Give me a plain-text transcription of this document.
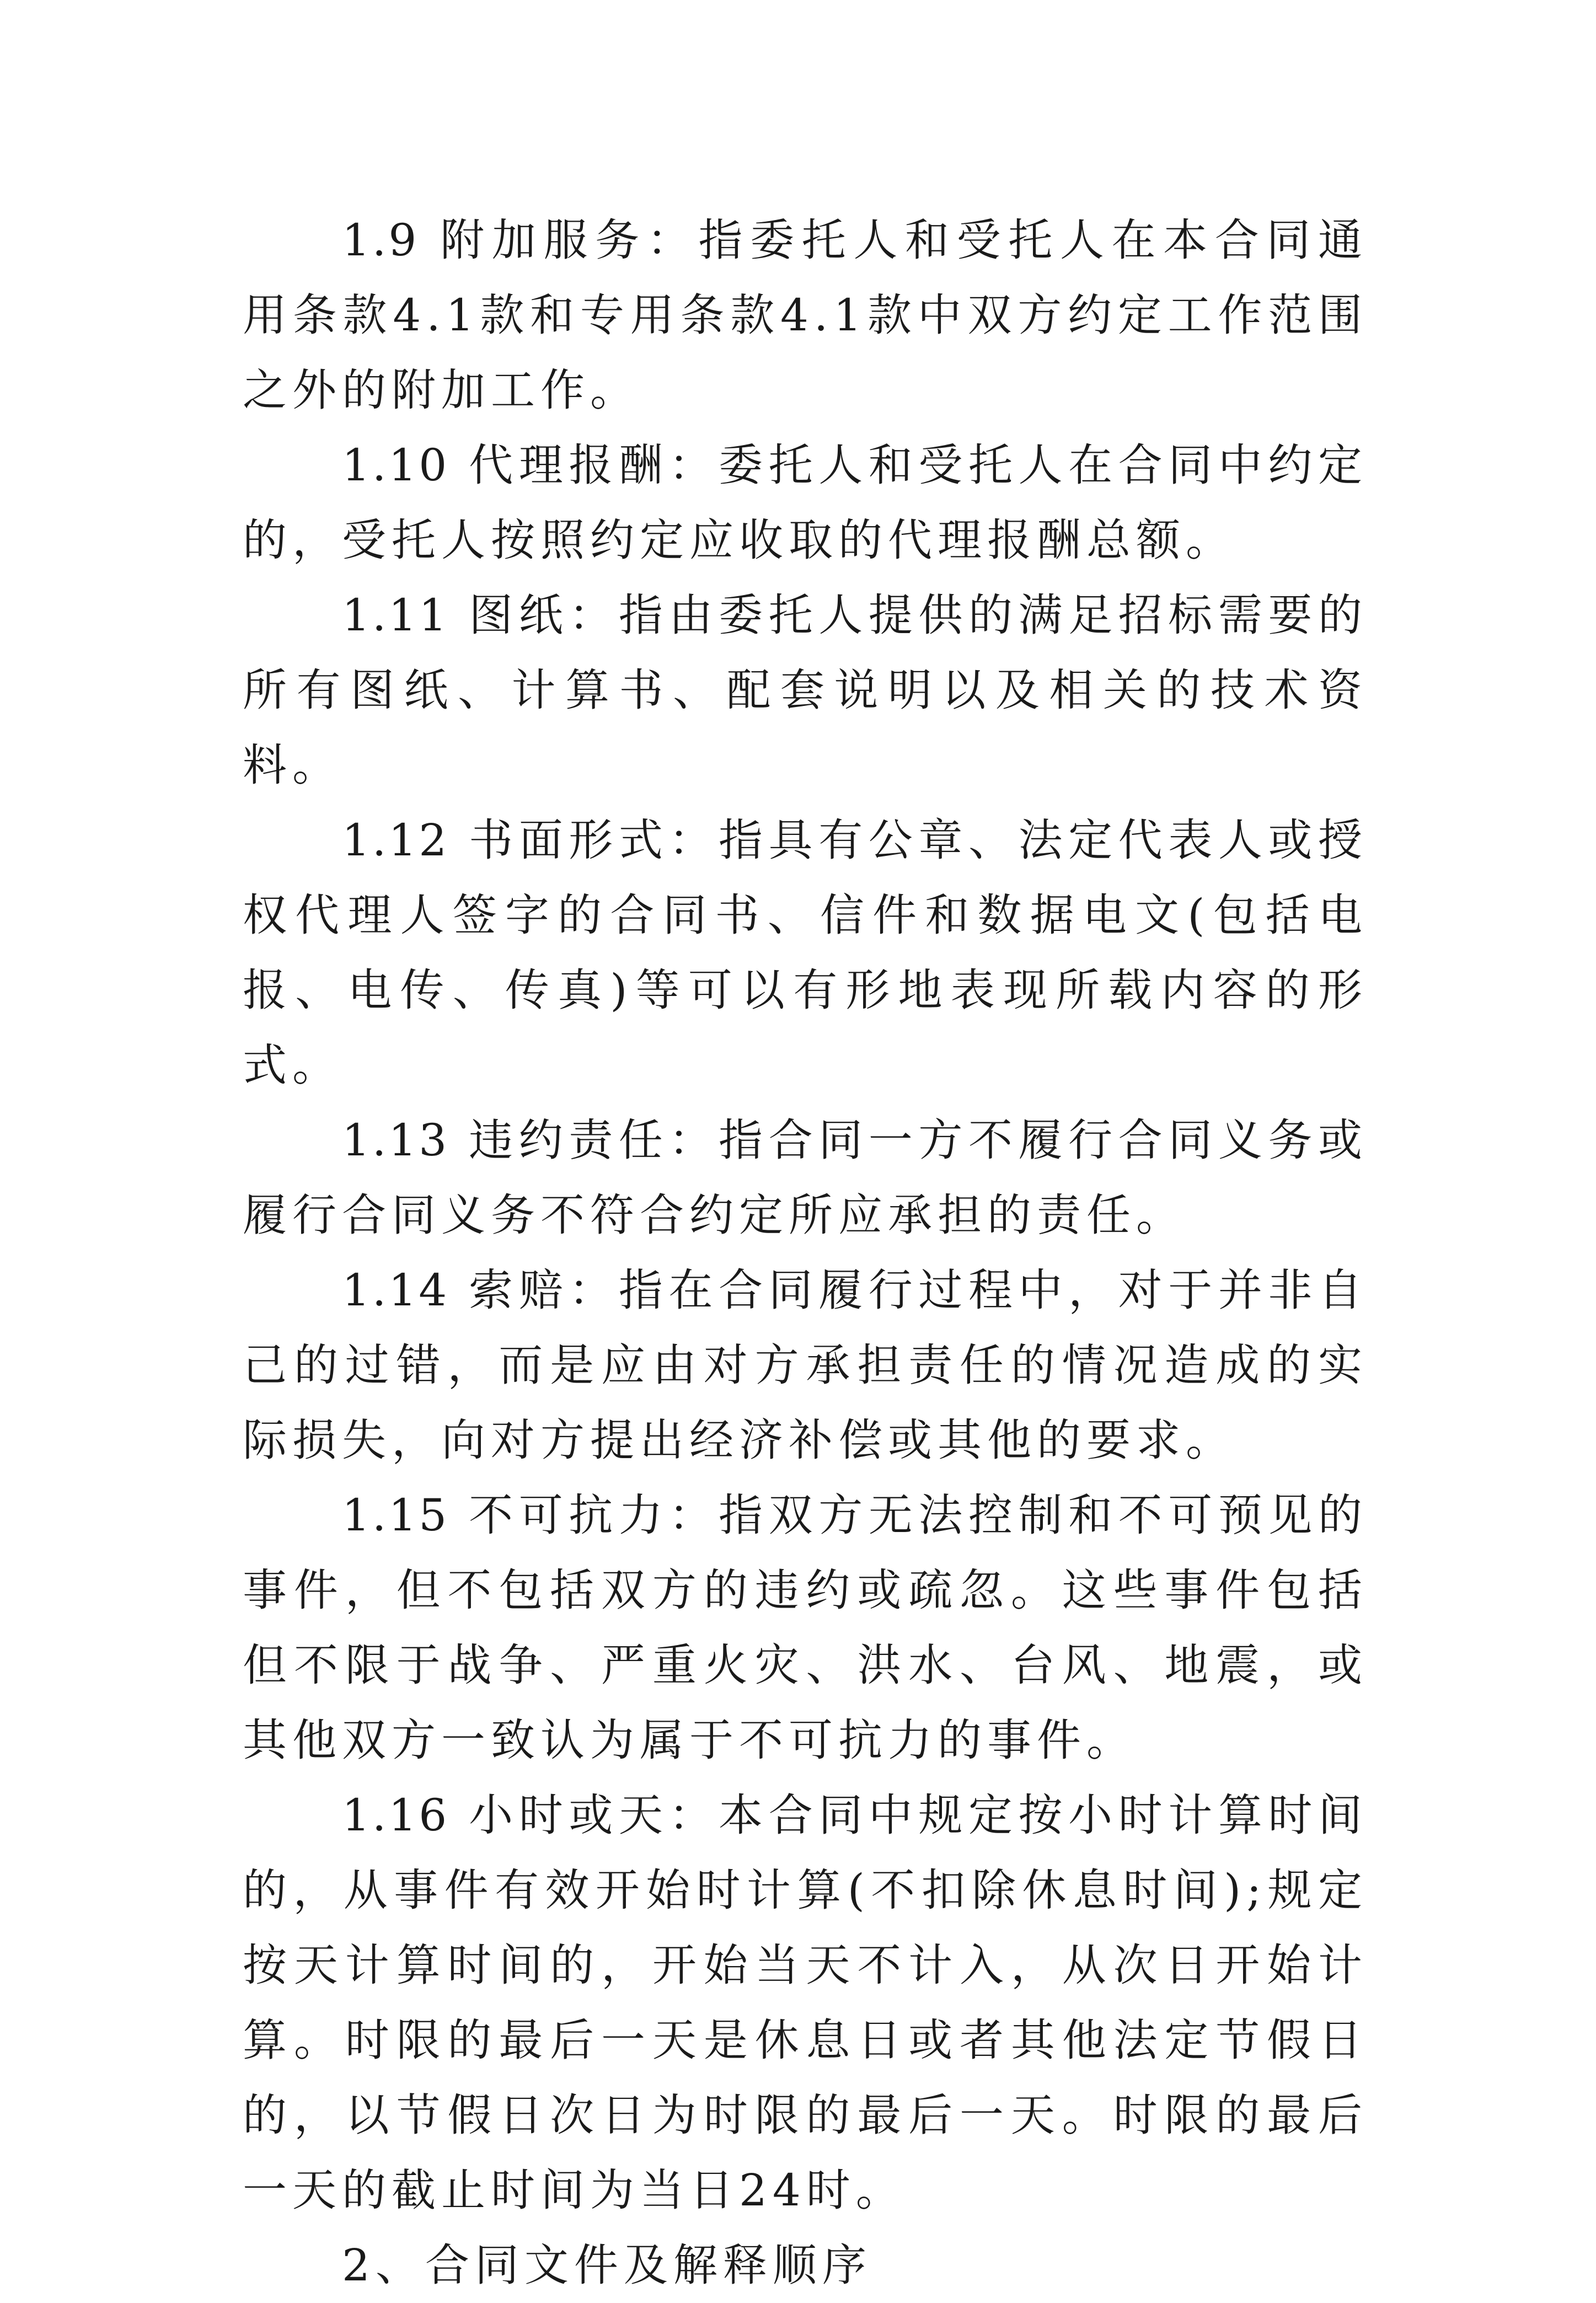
1.9 附加服务：指委托人和受托人在本合同通用条款4.1款和专用条款4.1款中双方约定工作范围之外的附加工作。

1.10 代理报酬：委托人和受托人在合同中约定的，受托人按照约定应收取的代理报酬总额。

1.11 图纸：指由委托人提供的满足招标需要的所有图纸、计算书、配套说明以及相关的技术资料。

1.12 书面形式：指具有公章、法定代表人或授权代理人签字的合同书、信件和数据电文(包括电报、电传、传真)等可以有形地表现所载内容的形式。

1.13 违约责任：指合同一方不履行合同义务或履行合同义务不符合约定所应承担的责任。

1.14 索赔：指在合同履行过程中，对于并非自己的过错，而是应由对方承担责任的情况造成的实际损失，向对方提出经济补偿或其他的要求。

1.15 不可抗力：指双方无法控制和不可预见的事件，但不包括双方的违约或疏忽。这些事件包括但不限于战争、严重火灾、洪水、台风、地震，或其他双方一致认为属于不可抗力的事件。

1.16 小时或天：本合同中规定按小时计算时间的，从事件有效开始时计算(不扣除休息时间);规定按天计算时间的，开始当天不计入，从次日开始计算。时限的最后一天是休息日或者其他法定节假日的，以节假日次日为时限的最后一天。时限的最后一天的截止时间为当日24时。

2、合同文件及解释顺序
